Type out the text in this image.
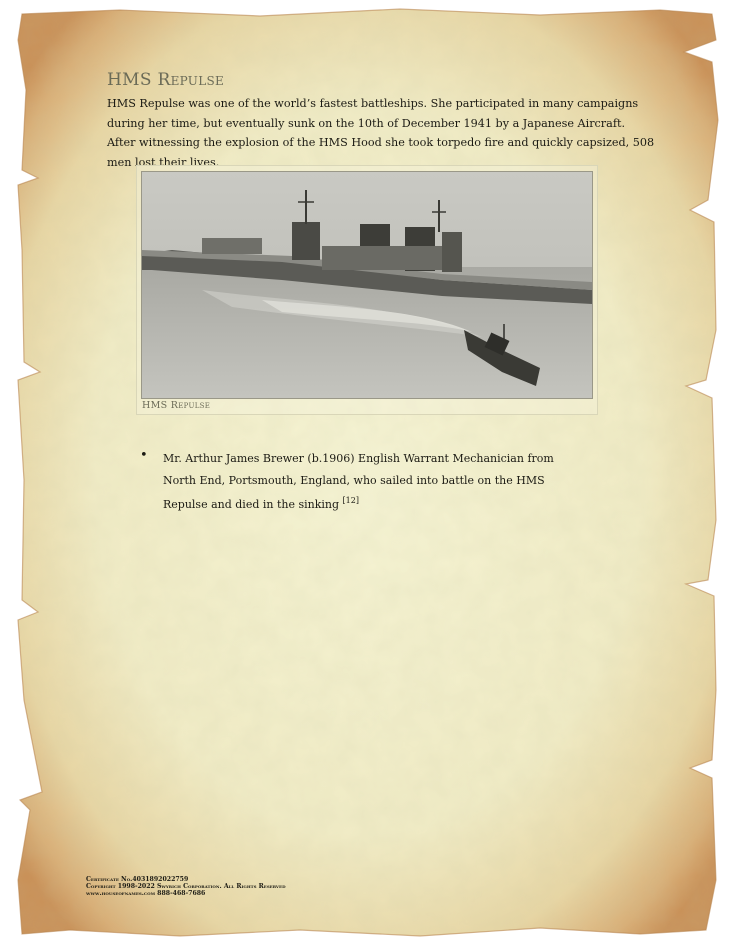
HMS Repulse

HMS Repulse was one of the world’s fastest battleships. She participated in many campaigns during her time, but eventually sunk on the 10th of December 1941 by a Japanese Aircraft. After witnessing the explosion of the HMS Hood she took torpedo fire and quickly capsized, 508 men lost their lives.

HMS Repulse
• Mr. Arthur James Brewer (b.1906) English Warrant Mechanician from North End, Portsmouth, England, who sailed into battle on the HMS Repulse and died in the sinking [12]
Certificate No.4031892022759
Copyright 1998-2022 Swyrich Corporation. All Rights Reserved
www.houseofnames.com 888-468-7686
